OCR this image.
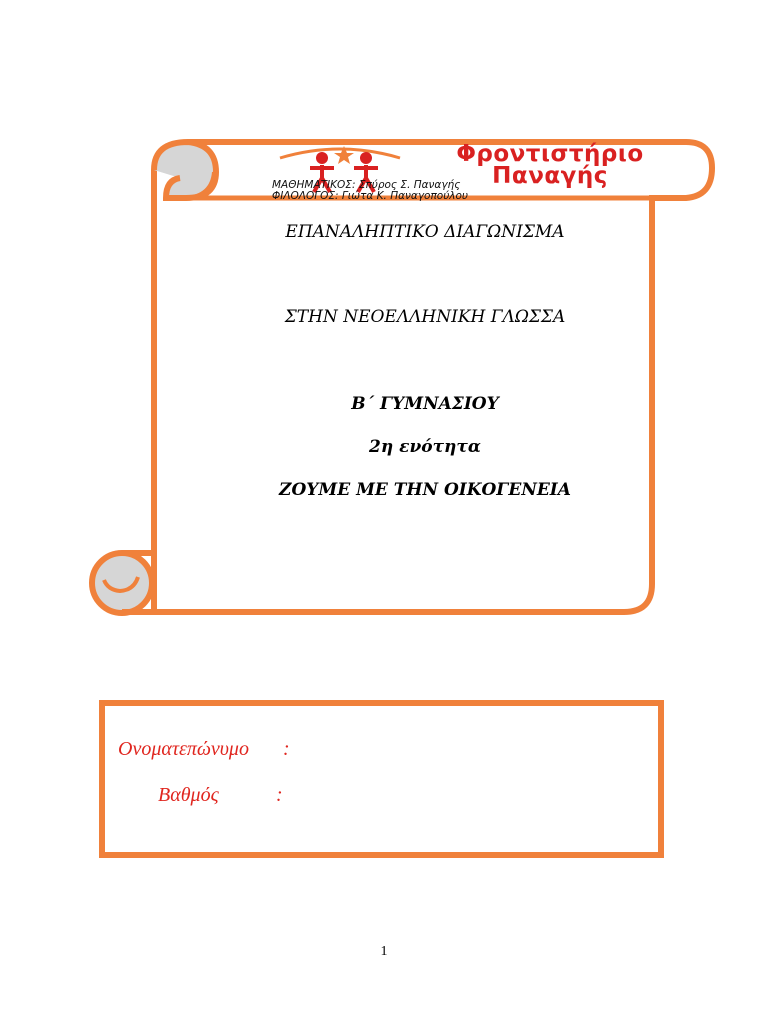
Φροντιστήριο
Παναγής
ΜΑΘΗΜΑΤΙΚΟΣ: Σπύρος Σ. Παναγής
ΦΙΛΟΛΟΓΟΣ: Γιώτα Κ. Παναγοπούλου
ΕΠΑΝΑΛΗΠΤΙΚΟ ΔΙΑΓΩΝΙΣΜΑ
ΣΤΗΝ ΝΕΟΕΛΛΗΝΙΚΗ ΓΛΩΣΣΑ
Β΄ ΓΥΜΝΑΣΙΟΥ
2η ενότητα
ΖΟΥΜΕ ΜΕ ΤΗΝ ΟΙΚΟΓΕΝΕΙΑ
Ονοματεπώνυμο :
Βαθμός	:
1
